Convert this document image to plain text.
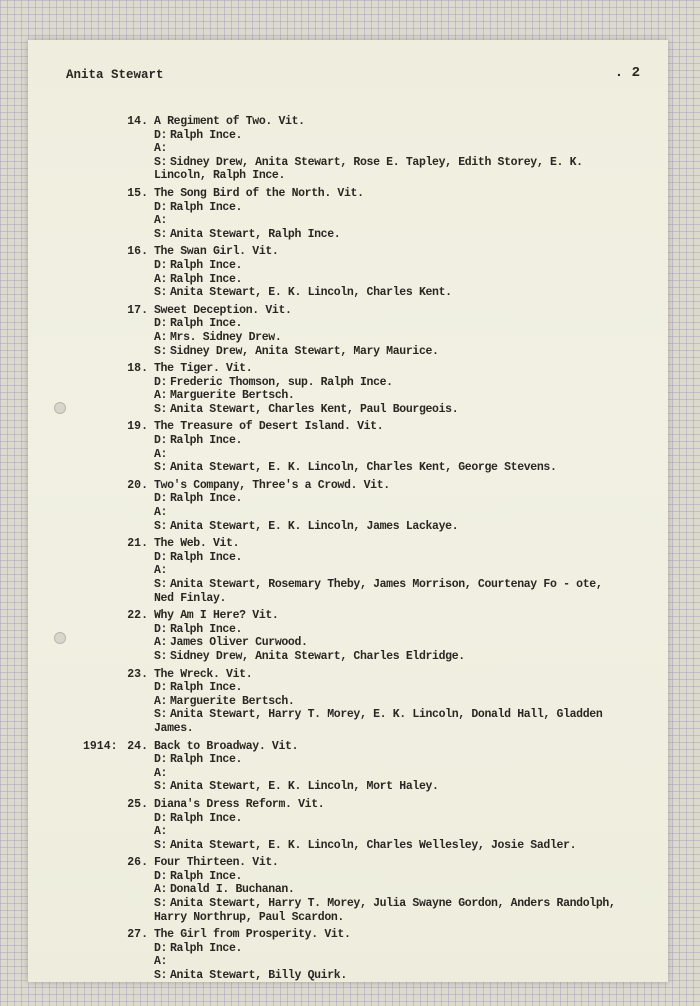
Anita Stewart	. 2
14. A Regiment of Two. Vit.
D: Ralph Ince.
A:
S: Sidney Drew, Anita Stewart, Rose E. Tapley, Edith Storey, E. K. Lincoln, Ralph Ince.
15. The Song Bird of the North. Vit.
D: Ralph Ince.
A:
S: Anita Stewart, Ralph Ince.
16. The Swan Girl. Vit.
D: Ralph Ince.
A: Ralph Ince.
S: Anita Stewart, E. K. Lincoln, Charles Kent.
17. Sweet Deception. Vit.
D: Ralph Ince.
A: Mrs. Sidney Drew.
S: Sidney Drew, Anita Stewart, Mary Maurice.
18. The Tiger. Vit.
D: Frederic Thomson, sup. Ralph Ince.
A: Marguerite Bertsch.
S: Anita Stewart, Charles Kent, Paul Bourgeois.
19. The Treasure of Desert Island. Vit.
D: Ralph Ince.
A:
S: Anita Stewart, E. K. Lincoln, Charles Kent, George Stevens.
20. Two's Company, Three's a Crowd. Vit.
D: Ralph Ince.
A:
S: Anita Stewart, E. K. Lincoln, James Lackaye.
21. The Web. Vit.
D: Ralph Ince.
A:
S: Anita Stewart, Rosemary Theby, James Morrison, Courtenay Fo - ote, Ned Finlay.
22. Why Am I Here? Vit.
D: Ralph Ince.
A: James Oliver Curwood.
S: Sidney Drew, Anita Stewart, Charles Eldridge.
23. The Wreck. Vit.
D: Ralph Ince.
A: Marguerite Bertsch.
S: Anita Stewart, Harry T. Morey, E. K. Lincoln, Donald Hall, Gladden James.
1914: 24. Back to Broadway. Vit.
D: Ralph Ince.
A:
S: Anita Stewart, E. K. Lincoln, Mort Haley.
25. Diana's Dress Reform. Vit.
D: Ralph Ince.
A:
S: Anita Stewart, E. K. Lincoln, Charles Wellesley, Josie Sadler.
26. Four Thirteen. Vit.
D: Ralph Ince.
A: Donald I. Buchanan.
S: Anita Stewart, Harry T. Morey, Julia Swayne Gordon, Anders Randolph, Harry Northrup, Paul Scardon.
27. The Girl from Prosperity. Vit.
D: Ralph Ince.
A:
S: Anita Stewart, Billy Quirk.
